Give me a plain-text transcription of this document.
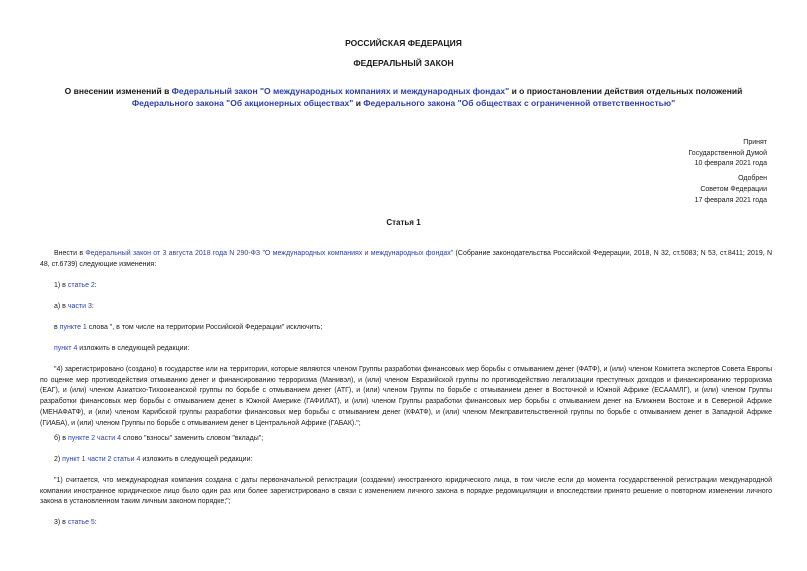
РОССИЙСКАЯ ФЕДЕРАЦИЯ
ФЕДЕРАЛЬНЫЙ ЗАКОН
О внесении изменений в Федеральный закон "О международных компаниях и международных фондах" и о приостановлении действия отдельных положений Федерального закона "Об акционерных обществах" и Федерального закона "Об обществах с ограниченной ответственностью"
Принят
Государственной Думой
10 февраля 2021 года
Одобрен
Советом Федерации
17 февраля 2021 года
Статья 1
Внести в Федеральный закон от 3 августа 2018 года N 290-ФЗ "О международных компаниях и международных фондах" (Собрание законодательства Российской Федерации, 2018, N 32, ст.5083; N 53, ст.8411; 2019, N 48, ст.6739) следующие изменения:
1) в статье 2:
а) в части 3:
в пункте 1 слова ", в том числе на территории Российской Федерации" исключить;
пункт 4 изложить в следующей редакции:
"4) зарегистрировано (создано) в государстве или на территории, которые являются членом Группы разработки финансовых мер борьбы с отмыванием денег (ФАТФ), и (или) членом Комитета экспертов Совета Европы по оценке мер противодействия отмыванию денег и финансированию терроризма (Манивэл), и (или) членом Евразийской группы по противодействию легализации преступных доходов и финансированию терроризма (ЕАГ), и (или) членом Азиатско-Тихоокеанской группы по борьбе с отмыванием денег (АТГ), и (или) членом Группы по борьбе с отмыванием денег в Восточной и Южной Африке (ЕСААМЛГ), и (или) членом Группы разработки финансовых мер борьбы с отмыванием денег в Южной Америке (ГАФИЛАТ), и (или) членом Группы разработки финансовых мер борьбы с отмыванием денег на Ближнем Востоке и в Северной Африке (МЕНАФАТФ), и (или) членом Карибской группы разработки финансовых мер борьбы с отмыванием денег (КФАТФ), и (или) членом Межправительственной группы по борьбе с отмыванием денег в Западной Африке (ГИАБА), и (или) членом Группы по борьбе с отмыванием денег в Центральной Африке (ГАБАК).";
б) в пункте 2 части 4 слово "взносы" заменить словом "вклады";
2) пункт 1 части 2 статьи 4 изложить в следующей редакции:
"1) считается, что международная компания создана с даты первоначальной регистрации (создании) иностранного юридического лица, в том числе если до момента государственной регистрации международной компании иностранное юридическое лицо было один раз или более зарегистрировано в связи с изменением личного закона в порядке редомициляции и впоследствии принято решение о повторном изменении личного закона в установленном таким личным законом порядке;";
3) в статье 5:
